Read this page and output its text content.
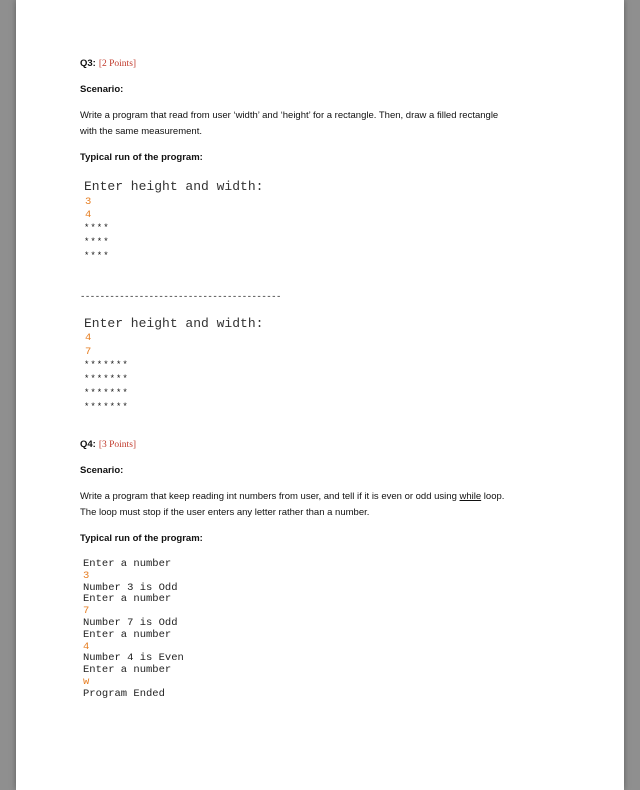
Q3: [2 Points]
Scenario:
Write a program that read from user ‘width’ and ‘height’ for a rectangle. Then, draw a filled rectangle
with the same measurement.
Typical run of the program:
Enter height and width:
3
4
****
****
****
-----------------------------------------
Enter height and width:
4
7
*******
*******
*******
*******
Q4: [3 Points]
Scenario:
Write a program that keep reading int numbers from user, and tell if it is even or odd using while loop.
The loop must stop if the user enters any letter rather than a number.
Typical run of the program:
Enter a number
3
Number 3 is Odd
Enter a number
7
Number 7 is Odd
Enter a number
4
Number 4 is Even
Enter a number
w
Program Ended
